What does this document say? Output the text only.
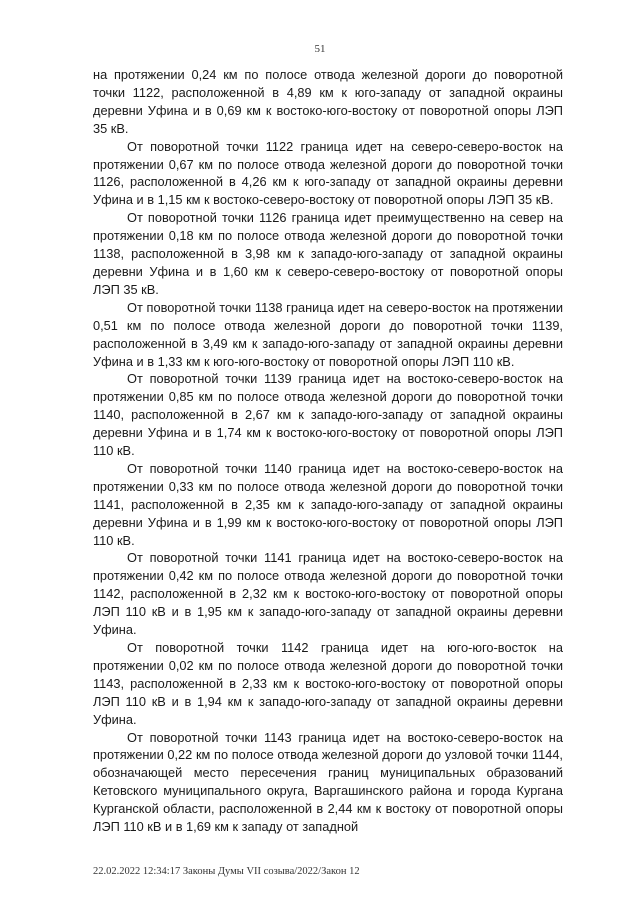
51

на протяжении 0,24 км по полосе отвода железной дороги до поворотной точки 1122, расположенной в 4,89 км к юго-западу от западной окраины деревни Уфина и в 0,69 км к востоко-юго-востоку от поворотной опоры ЛЭП 35 кВ.

От поворотной точки 1122 граница идет на северо-северо-восток на протяжении 0,67 км по полосе отвода железной дороги до поворотной точки 1126, расположенной в 4,26 км к юго-западу от западной окраины деревни Уфина и в 1,15 км к востоко-северо-востоку от поворотной опоры ЛЭП 35 кВ.

От поворотной точки 1126 граница идет преимущественно на север на протяжении 0,18 км по полосе отвода железной дороги до поворотной точки 1138, расположенной в 3,98 км к западо-юго-западу от западной окраины деревни Уфина и в 1,60 км к северо-северо-востоку от поворотной опоры ЛЭП 35 кВ.

От поворотной точки 1138 граница идет на северо-восток на протяжении 0,51 км по полосе отвода железной дороги до поворотной точки 1139, расположенной в 3,49 км к западо-юго-западу от западной окраины деревни Уфина и в 1,33 км к юго-юго-востоку от поворотной опоры ЛЭП 110 кВ.

От поворотной точки 1139 граница идет на востоко-северо-восток на протяжении 0,85 км по полосе отвода железной дороги до поворотной точки 1140, расположенной в 2,67 км к западо-юго-западу от западной окраины деревни Уфина и в 1,74 км к востоко-юго-востоку от поворотной опоры ЛЭП 110 кВ.

От поворотной точки 1140 граница идет на востоко-северо-восток на протяжении 0,33 км по полосе отвода железной дороги до поворотной точки 1141, расположенной в 2,35 км к западо-юго-западу от западной окраины деревни Уфина и в 1,99 км к востоко-юго-востоку от поворотной опоры ЛЭП 110 кВ.

От поворотной точки 1141 граница идет на востоко-северо-восток на протяжении 0,42 км по полосе отвода железной дороги до поворотной точки 1142, расположенной в 2,32 км к востоко-юго-востоку от поворотной опоры ЛЭП 110 кВ и в 1,95 км к западо-юго-западу от западной окраины деревни Уфина.

От поворотной точки 1142 граница идет на юго-юго-восток на протяжении 0,02 км по полосе отвода железной дороги до поворотной точки 1143, расположенной в 2,33 км к востоко-юго-востоку от поворотной опоры ЛЭП 110 кВ и в 1,94 км к западо-юго-западу от западной окраины деревни Уфина.

От поворотной точки 1143 граница идет на востоко-северо-восток на протяжении 0,22 км по полосе отвода железной дороги до узловой точки 1144, обозначающей место пересечения границ муниципальных образований Кетовского муниципального округа, Варгашинского района и города Кургана Курганской области, расположенной в 2,44 км к востоку от поворотной опоры ЛЭП 110 кВ и в 1,69 км к западу от западной

22.02.2022 12:34:17 Законы Думы VII созыва/2022/Закон 12
